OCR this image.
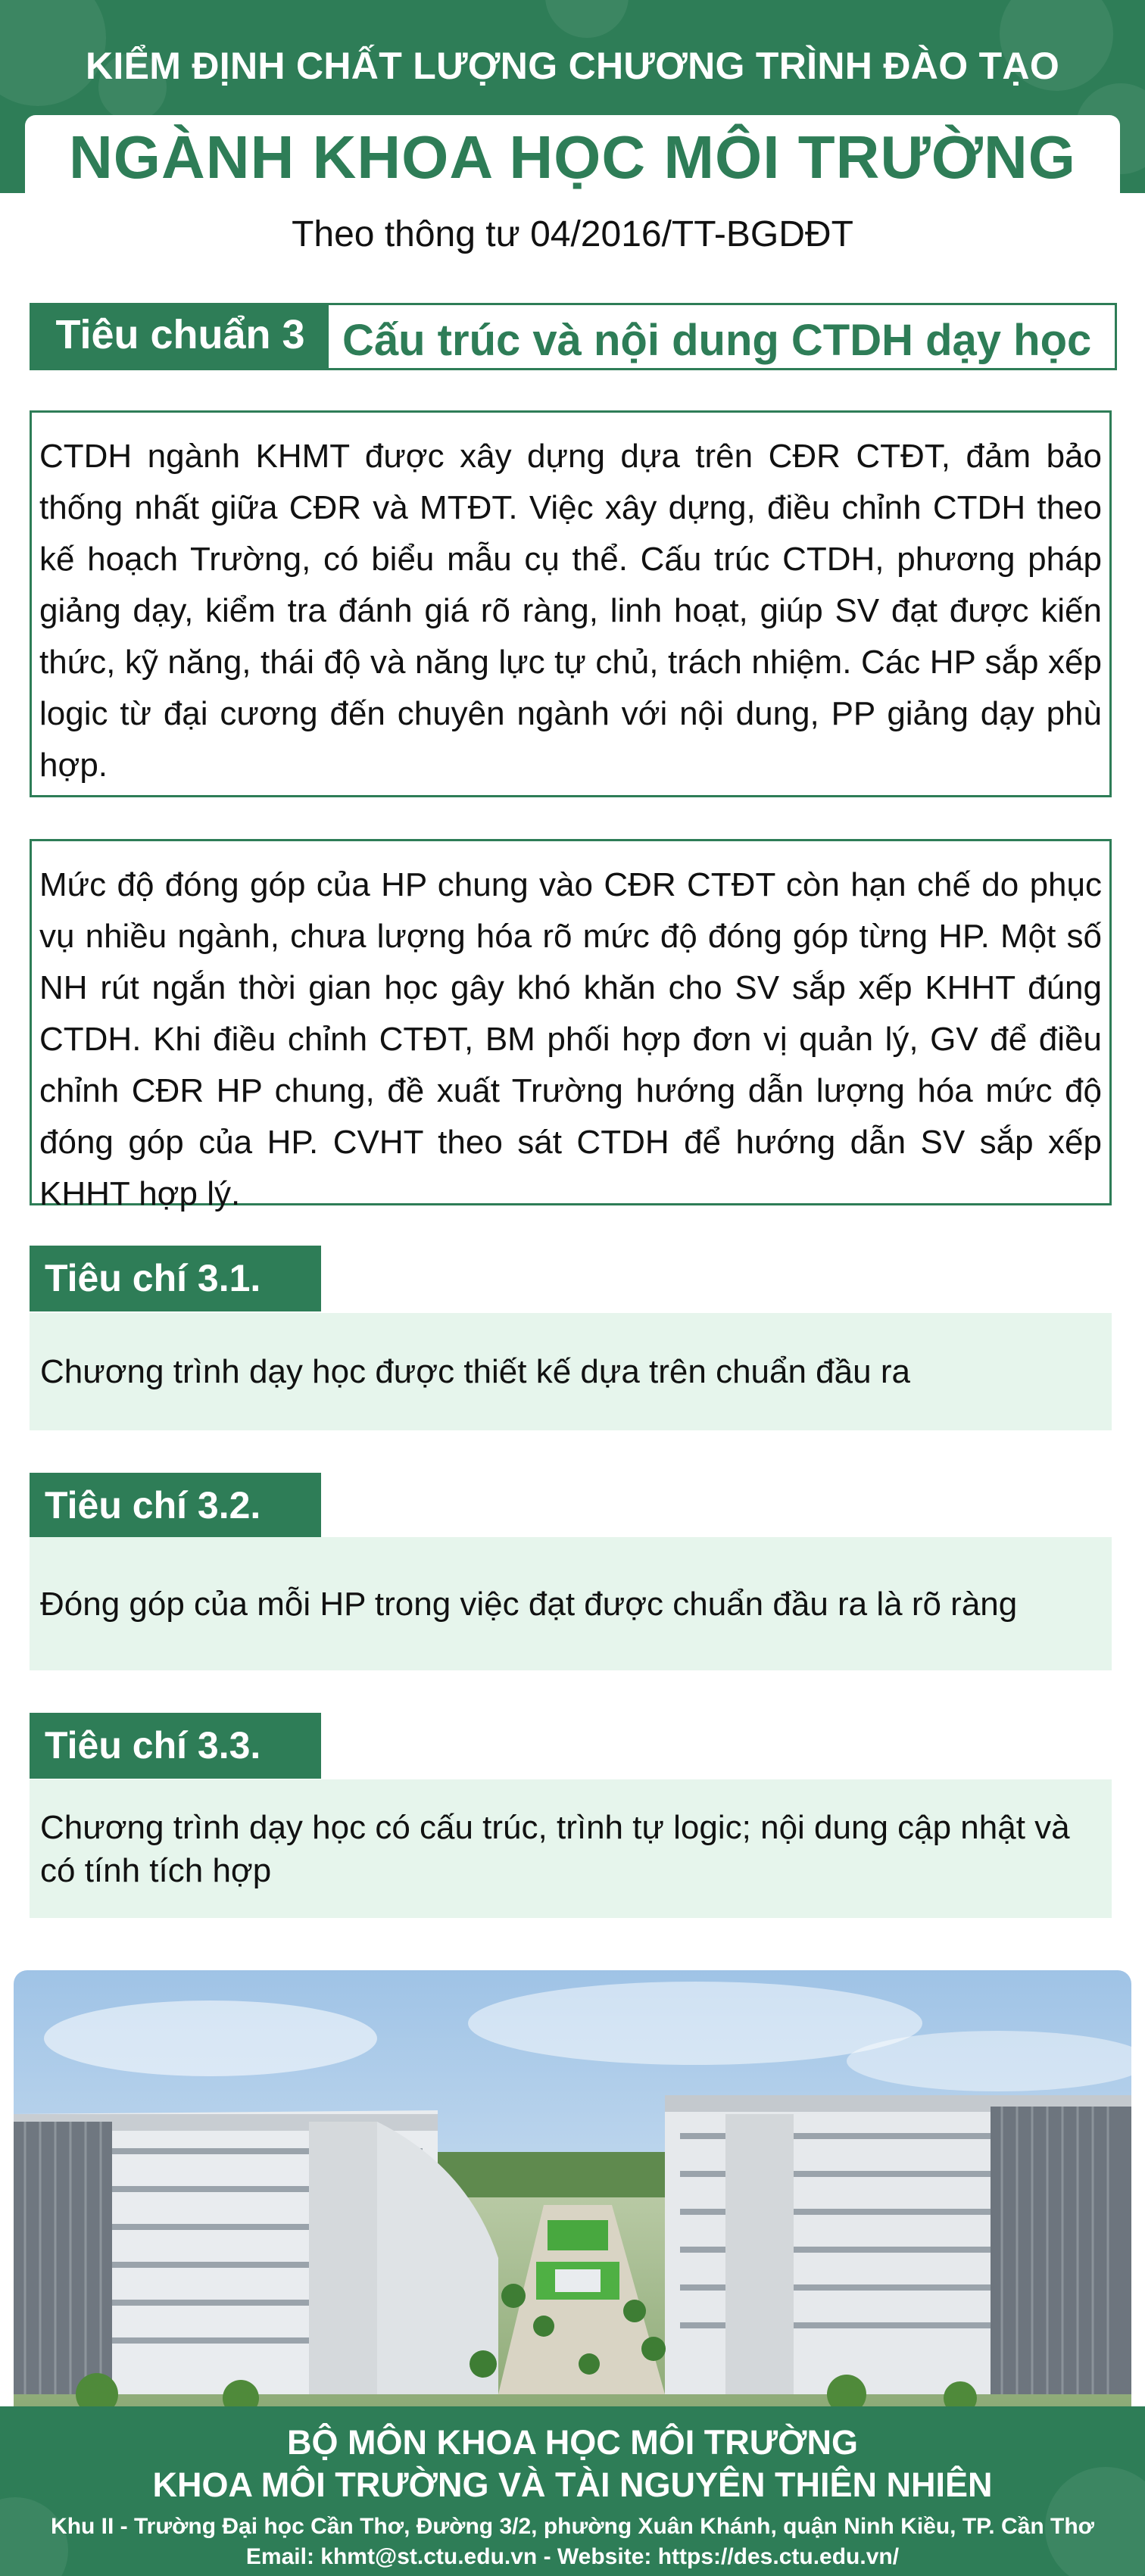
KIỂM ĐỊNH CHẤT LƯỢNG CHƯƠNG TRÌNH ĐÀO TẠO
NGÀNH KHOA HỌC MÔI TRƯỜNG
Theo thông tư 04/2016/TT-BGDĐT
Tiêu chuẩn 3 Cấu trúc và nội dung CTDH dạy học
CTDH ngành KHMT được xây dựng dựa trên CĐR CTĐT, đảm bảo thống nhất giữa CĐR và MTĐT. Việc xây dựng, điều chỉnh CTDH theo kế hoạch Trường, có biểu mẫu cụ thể. Cấu trúc CTDH, phương pháp giảng dạy, kiểm tra đánh giá rõ ràng, linh hoạt, giúp SV đạt được kiến thức, kỹ năng, thái độ và năng lực tự chủ, trách nhiệm. Các HP sắp xếp logic từ đại cương đến chuyên ngành với nội dung, PP giảng dạy phù hợp.
Mức độ đóng góp của HP chung vào CĐR CTĐT còn hạn chế do phục vụ nhiều ngành, chưa lượng hóa rõ mức độ đóng góp từng HP. Một số NH rút ngắn thời gian học gây khó khăn cho SV sắp xếp KHHT đúng CTDH. Khi điều chỉnh CTĐT, BM phối hợp đơn vị quản lý, GV để điều chỉnh CĐR HP chung, đề xuất Trường hướng dẫn lượng hóa mức độ đóng góp của HP. CVHT theo sát CTDH để hướng dẫn SV sắp xếp KHHT hợp lý.
Tiêu chí 3.1.
Chương trình dạy học được thiết kế dựa trên chuẩn đầu ra
Tiêu chí 3.2.
Đóng góp của mỗi HP trong việc đạt được chuẩn đầu ra là rõ ràng
Tiêu chí 3.3.
Chương trình dạy học có cấu trúc, trình tự logic; nội dung cập nhật và có tính tích hợp
BỘ MÔN KHOA HỌC MÔI TRƯỜNG
KHOA MÔI TRƯỜNG VÀ TÀI NGUYÊN THIÊN NHIÊN
Khu II - Trường Đại học Cần Thơ, Đường 3/2, phường Xuân Khánh, quận Ninh Kiều, TP. Cần Thơ
Email: khmt@st.ctu.edu.vn - Website: https://des.ctu.edu.vn/
